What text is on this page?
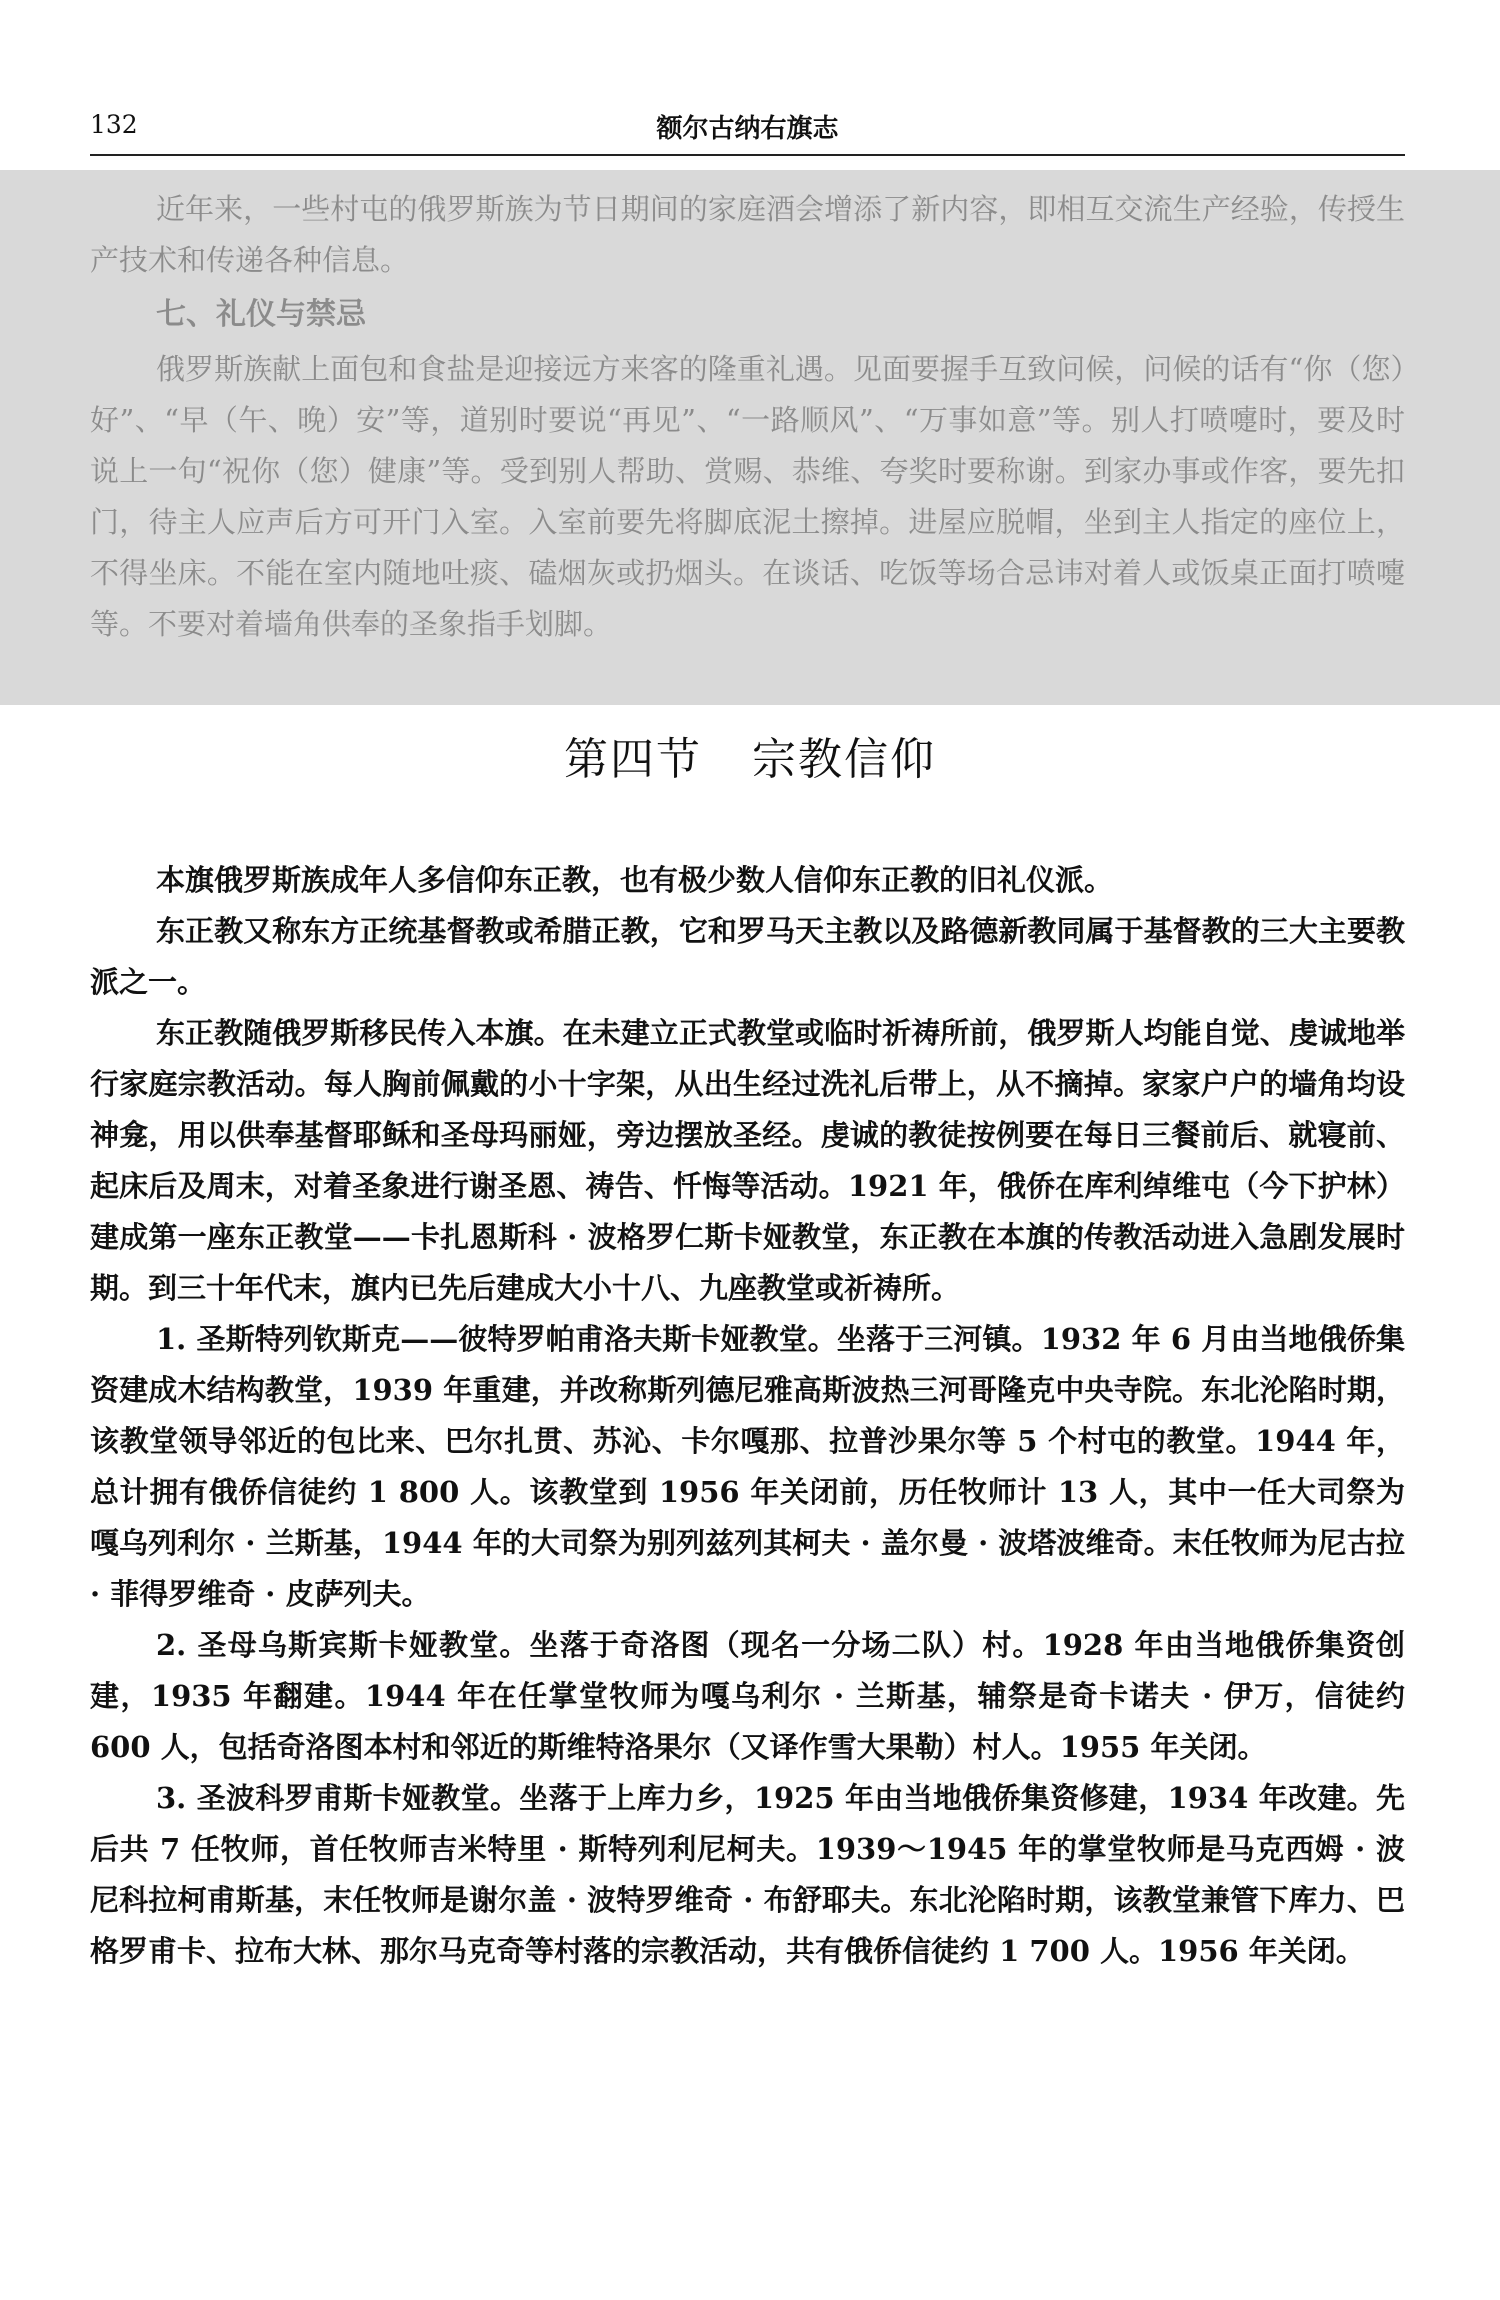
132	额尔古纳右旗志

近年来，一些村屯的俄罗斯族为节日期间的家庭酒会增添了新内容，即相互交流生产经验，传授生产技术和传递各种信息。

七、礼仪与禁忌

俄罗斯族献上面包和食盐是迎接远方来客的隆重礼遇。见面要握手互致问候，问候的话有“你（您）好”、“早（午、晚）安”等，道别时要说“再见”、“一路顺风”、“万事如意”等。别人打喷嚏时，要及时说上一句“祝你（您）健康”等。受到别人帮助、赏赐、恭维、夸奖时要称谢。到家办事或作客，要先扣门，待主人应声后方可开门入室。入室前要先将脚底泥土擦掉。进屋应脱帽，坐到主人指定的座位上，不得坐床。不能在室内随地吐痰、磕烟灰或扔烟头。在谈话、吃饭等场合忌讳对着人或饭桌正面打喷嚏等。不要对着墙角供奉的圣象指手划脚。

第四节 宗教信仰

本旗俄罗斯族成年人多信仰东正教，也有极少数人信仰东正教的旧礼仪派。

东正教又称东方正统基督教或希腊正教，它和罗马天主教以及路德新教同属于基督教的三大主要教派之一。

东正教随俄罗斯移民传入本旗。在未建立正式教堂或临时祈祷所前，俄罗斯人均能自觉、虔诚地举行家庭宗教活动。每人胸前佩戴的小十字架，从出生经过洗礼后带上，从不摘掉。家家户户的墙角均设神龛，用以供奉基督耶稣和圣母玛丽娅，旁边摆放圣经。虔诚的教徒按例要在每日三餐前后、就寝前、起床后及周末，对着圣象进行谢圣恩、祷告、忏悔等活动。1921 年，俄侨在库利绰维屯（今下护林）建成第一座东正教堂——卡扎恩斯科 · 波格罗仁斯卡娅教堂，东正教在本旗的传教活动进入急剧发展时期。到三十年代末，旗内已先后建成大小十八、九座教堂或祈祷所。

1. 圣斯特列钦斯克——彼特罗帕甫洛夫斯卡娅教堂。坐落于三河镇。1932 年 6 月由当地俄侨集资建成木结构教堂，1939 年重建，并改称斯列德尼雅高斯波热三河哥隆克中央寺院。东北沦陷时期，该教堂领导邻近的包比来、巴尔扎贯、苏沁、卡尔嘎那、拉普沙果尔等 5 个村屯的教堂。1944 年，总计拥有俄侨信徒约 1 800 人。该教堂到 1956 年关闭前，历任牧师计 13 人，其中一任大司祭为嘎乌列利尔 · 兰斯基，1944 年的大司祭为别列兹列其柯夫 · 盖尔曼 · 波塔波维奇。末任牧师为尼古拉 · 菲得罗维奇 · 皮萨列夫。

2. 圣母乌斯宾斯卡娅教堂。坐落于奇洛图（现名一分场二队）村。1928 年由当地俄侨集资创建，1935 年翻建。1944 年在任掌堂牧师为嘎乌利尔 · 兰斯基，辅祭是奇卡诺夫 · 伊万，信徒约 600 人，包括奇洛图本村和邻近的斯维特洛果尔（又译作雪大果勒）村人。1955 年关闭。

3. 圣波科罗甫斯卡娅教堂。坐落于上库力乡，1925 年由当地俄侨集资修建，1934 年改建。先后共 7 任牧师，首任牧师吉米特里 · 斯特列利尼柯夫。1939～1945 年的掌堂牧师是马克西姆 · 波尼科拉柯甫斯基，末任牧师是谢尔盖 · 波特罗维奇 · 布舒耶夫。东北沦陷时期，该教堂兼管下库力、巴格罗甫卡、拉布大林、那尔马克奇等村落的宗教活动，共有俄侨信徒约 1 700 人。1956 年关闭。
